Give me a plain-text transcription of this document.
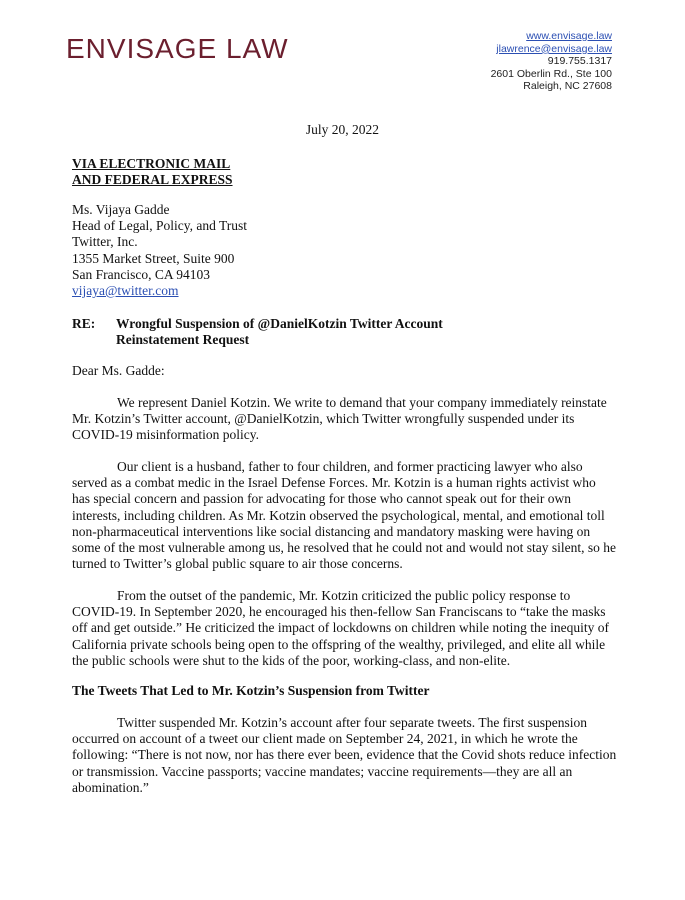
ENVISAGE LAW	www.envisage.law
jlawrence@envisage.law
919.755.1317
2601 Oberlin Rd., Ste 100
Raleigh, NC 27608
July 20, 2022
VIA ELECTRONIC MAIL
AND FEDERAL EXPRESS
Ms. Vijaya Gadde
Head of Legal, Policy, and Trust
Twitter, Inc.
1355 Market Street, Suite 900
San Francisco, CA 94103
vijaya@twitter.com
RE:	Wrongful Suspension of @DanielKotzin Twitter Account
Reinstatement Request
Dear Ms. Gadde:
We represent Daniel Kotzin. We write to demand that your company immediately reinstate Mr. Kotzin’s Twitter account, @DanielKotzin, which Twitter wrongfully suspended under its COVID-19 misinformation policy.
Our client is a husband, father to four children, and former practicing lawyer who also served as a combat medic in the Israel Defense Forces. Mr. Kotzin is a human rights activist who has special concern and passion for advocating for those who cannot speak out for their own interests, including children. As Mr. Kotzin observed the psychological, mental, and emotional toll non-pharmaceutical interventions like social distancing and mandatory masking were having on some of the most vulnerable among us, he resolved that he could not and would not stay silent, so he turned to Twitter’s global public square to air those concerns.
From the outset of the pandemic, Mr. Kotzin criticized the public policy response to COVID-19. In September 2020, he encouraged his then-fellow San Franciscans to “take the masks off and get outside.” He criticized the impact of lockdowns on children while noting the inequity of California private schools being open to the offspring of the wealthy, privileged, and elite all while the public schools were shut to the kids of the poor, working-class, and non-elite.
The Tweets That Led to Mr. Kotzin’s Suspension from Twitter
Twitter suspended Mr. Kotzin’s account after four separate tweets. The first suspension occurred on account of a tweet our client made on September 24, 2021, in which he wrote the following: “There is not now, nor has there ever been, evidence that the Covid shots reduce infection or transmission. Vaccine passports; vaccine mandates; vaccine requirements—they are all an abomination.”
